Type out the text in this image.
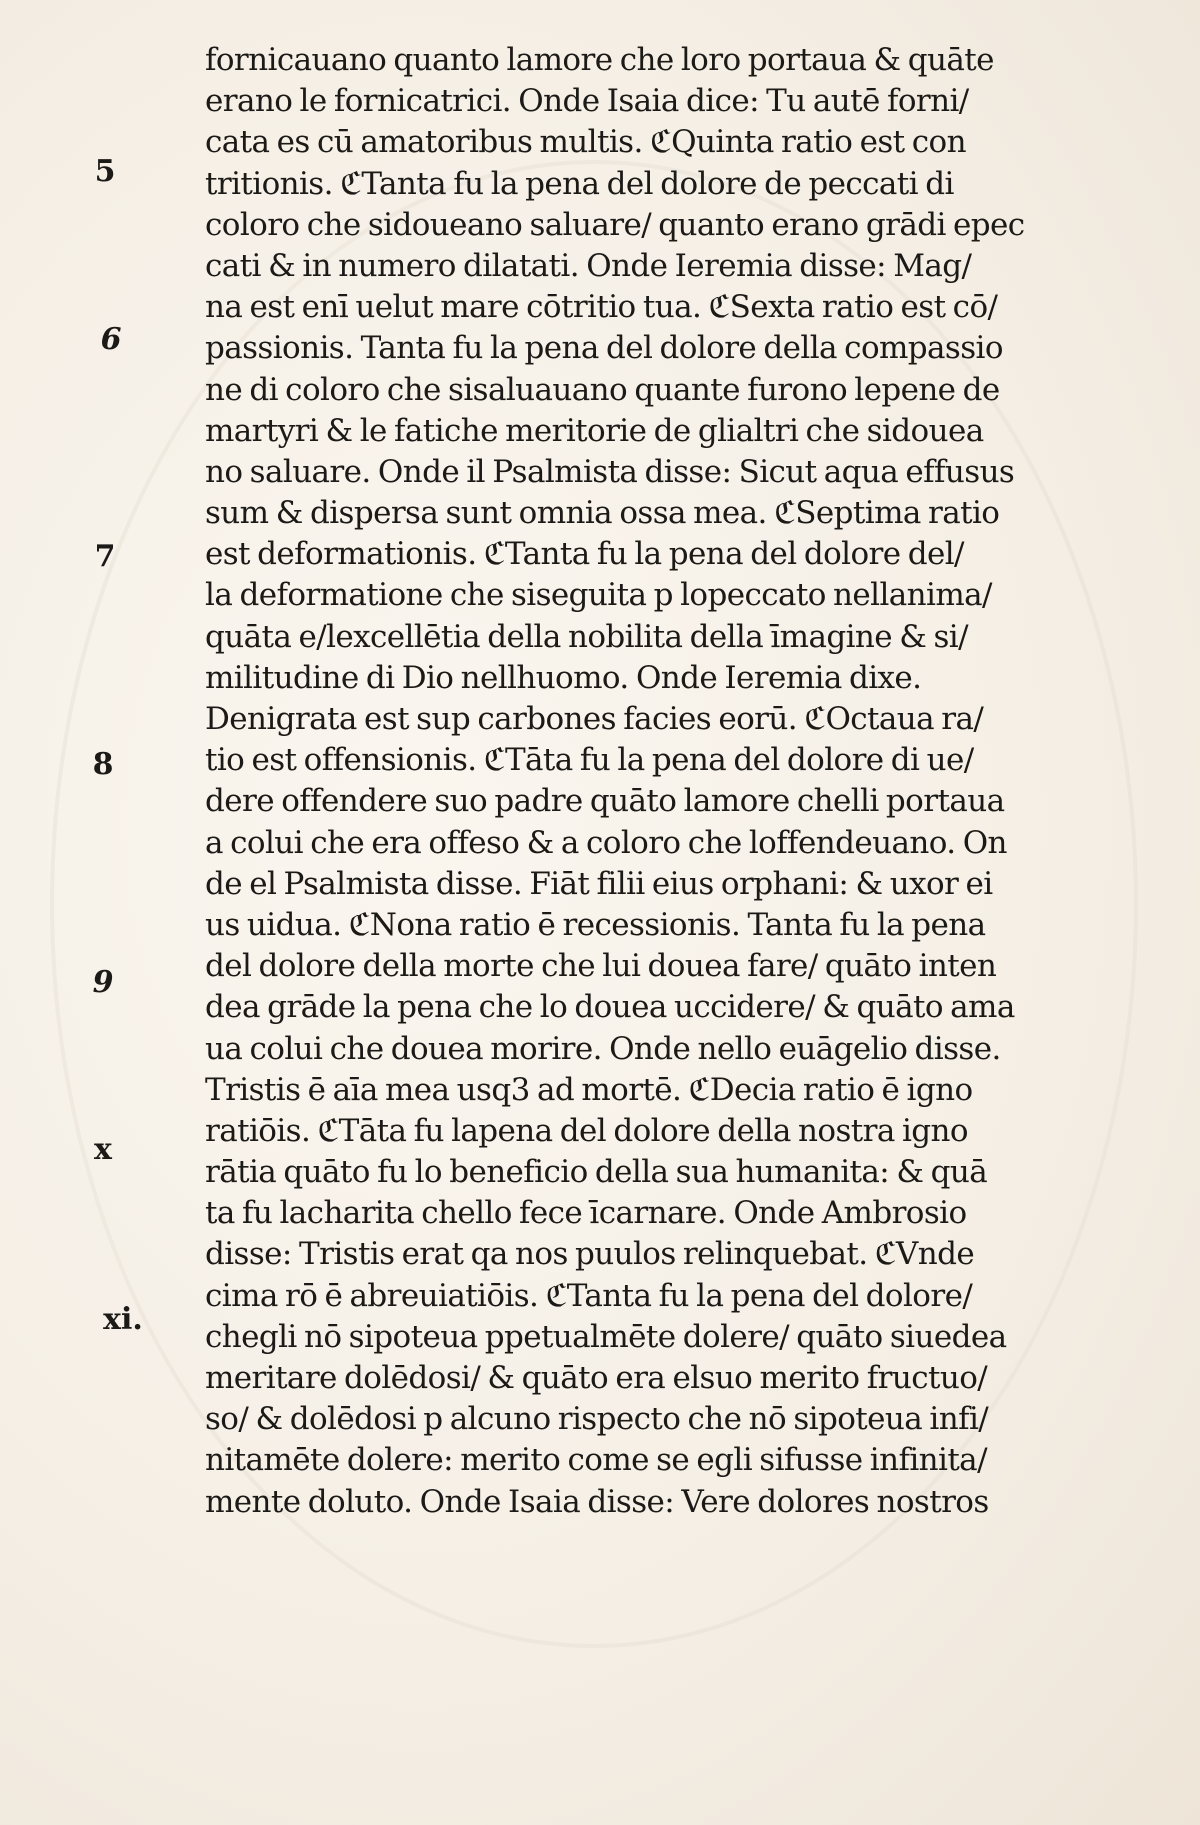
5
6
7
8
9
x
xi.
fornicauano quanto lamore che loro portaua & quāte
erano le fornicatrici. Onde Isaia dice: Tu autē forni/
cata es cū amatoribus multis. ℭQuinta ratio est con
tritionis. ℭTanta fu la pena del dolore de peccati di
coloro che sidoueano saluare/ quanto erano grādi epec
cati & in numero dilatati. Onde Ieremia disse: Mag/
na est enī uelut mare cōtritio tua. ℭSexta ratio est cō/
passionis. Tanta fu la pena del dolore della compassio
ne di coloro che sisaluauano quante furono lepene de
martyri & le fatiche meritorie de glialtri che sidouea
no saluare. Onde il Psalmista disse: Sicut aqua effusus
sum & dispersa sunt omnia ossa mea. ℭSeptima ratio
est deformationis. ℭTanta fu la pena del dolore del/
la deformatione che siseguita p lopeccato nellanima/
quāta e/lexcellētia della nobilita della īmagine & si/
militudine di Dio nellhuomo. Onde Ieremia dixe.
Denigrata est sup carbones facies eorū. ℭOctaua ra/
tio est offensionis. ℭTāta fu la pena del dolore di ue/
dere offendere suo padre quāto lamore chelli portaua
a colui che era offeso & a coloro che loffendeuano. On
de el Psalmista disse. Fiāt filii eius orphani: & uxor ei
us uidua. ℭNona ratio ē recessionis. Tanta fu la pena
del dolore della morte che lui douea fare/ quāto inten
dea grāde la pena che lo douea uccidere/ & quāto ama
ua colui che douea morire. Onde nello euāgelio disse.
Tristis ē aīa mea usq3 ad mortē. ℭDecia ratio ē igno
ratiōis. ℭTāta fu lapena del dolore della nostra igno
rātia quāto fu lo beneficio della sua humanita: & quā
ta fu lacharita chello fece īcarnare. Onde Ambrosio
disse: Tristis erat qa nos puulos relinquebat. ℭVnde
cima rō ē abreuiatiōis. ℭTanta fu la pena del dolore/
chegli nō sipoteua ppetualmēte dolere/ quāto siuedea
meritare dolēdosi/ & quāto era elsuo merito fructuo/
so/ & dolēdosi p alcuno rispecto che nō sipoteua infi/
nitamēte dolere: merito come se egli sifusse infinita/
mente doluto. Onde Isaia disse: Vere dolores nostros
